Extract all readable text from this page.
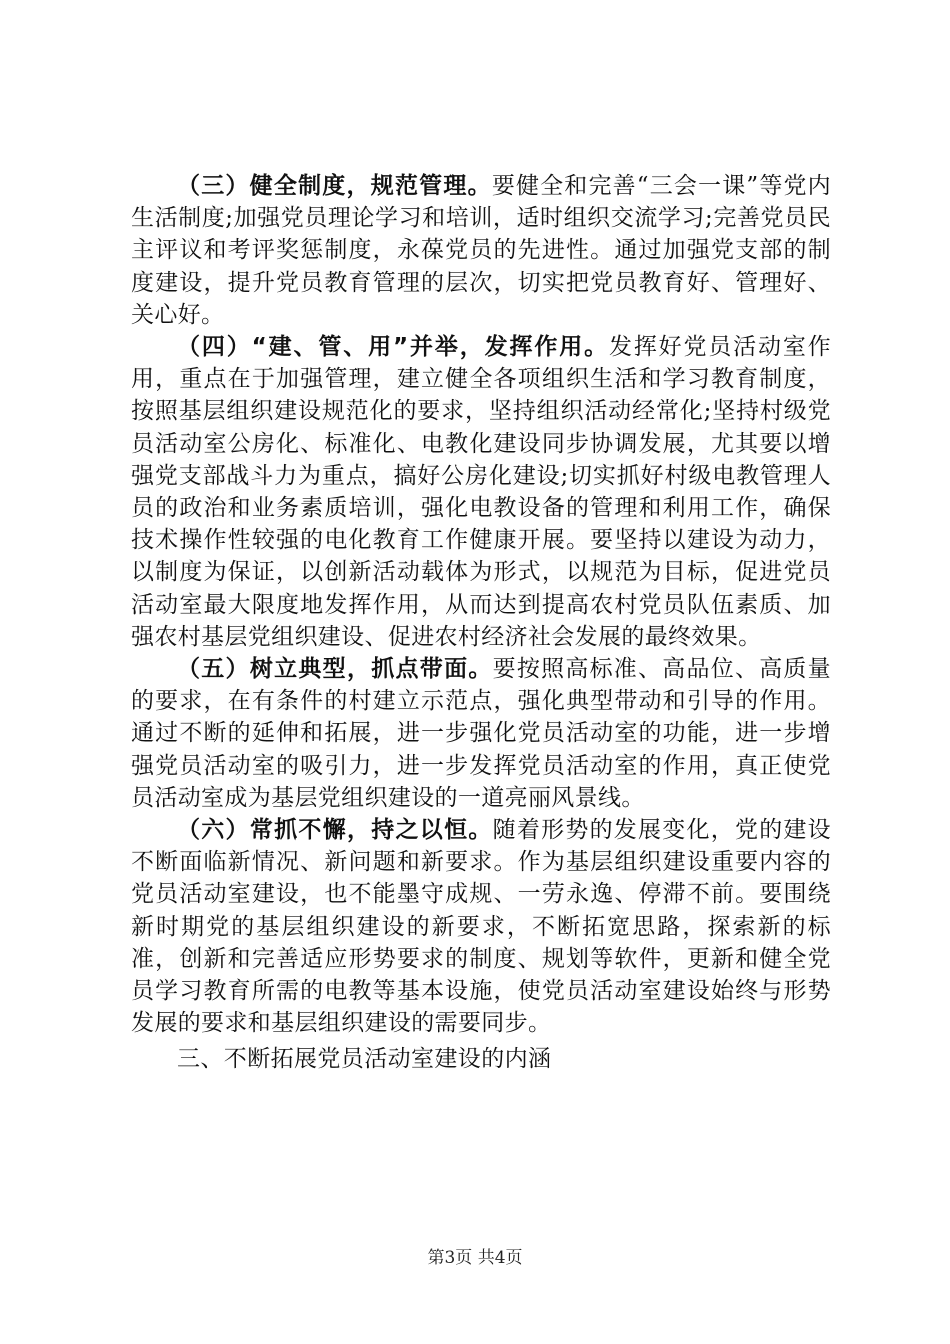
（三）健全制度，规范管理。要健全和完善“三会一课”等党内生活制度;加强党员理论学习和培训，适时组织交流学习;完善党员民主评议和考评奖惩制度，永葆党员的先进性。通过加强党支部的制度建设，提升党员教育管理的层次，切实把党员教育好、管理好、关心好。

（四）“建、管、用”并举，发挥作用。发挥好党员活动室作用，重点在于加强管理，建立健全各项组织生活和学习教育制度，按照基层组织建设规范化的要求，坚持组织活动经常化;坚持村级党员活动室公房化、标准化、电教化建设同步协调发展，尤其要以增强党支部战斗力为重点，搞好公房化建设;切实抓好村级电教管理人员的政治和业务素质培训，强化电教设备的管理和利用工作，确保技术操作性较强的电化教育工作健康开展。要坚持以建设为动力，以制度为保证，以创新活动载体为形式，以规范为目标，促进党员活动室最大限度地发挥作用，从而达到提高农村党员队伍素质、加强农村基层党组织建设、促进农村经济社会发展的最终效果。

（五）树立典型，抓点带面。要按照高标准、高品位、高质量的要求，在有条件的村建立示范点，强化典型带动和引导的作用。通过不断的延伸和拓展，进一步强化党员活动室的功能，进一步增强党员活动室的吸引力，进一步发挥党员活动室的作用，真正使党员活动室成为基层党组织建设的一道亮丽风景线。

（六）常抓不懈，持之以恒。随着形势的发展变化，党的建设不断面临新情况、新问题和新要求。作为基层组织建设重要内容的党员活动室建设，也不能墨守成规、一劳永逸、停滞不前。要围绕新时期党的基层组织建设的新要求，不断拓宽思路，探索新的标准，创新和完善适应形势要求的制度、规划等软件，更新和健全党员学习教育所需的电教等基本设施，使党员活动室建设始终与形势发展的要求和基层组织建设的需要同步。

三、不断拓展党员活动室建设的内涵

第3页 共4页
